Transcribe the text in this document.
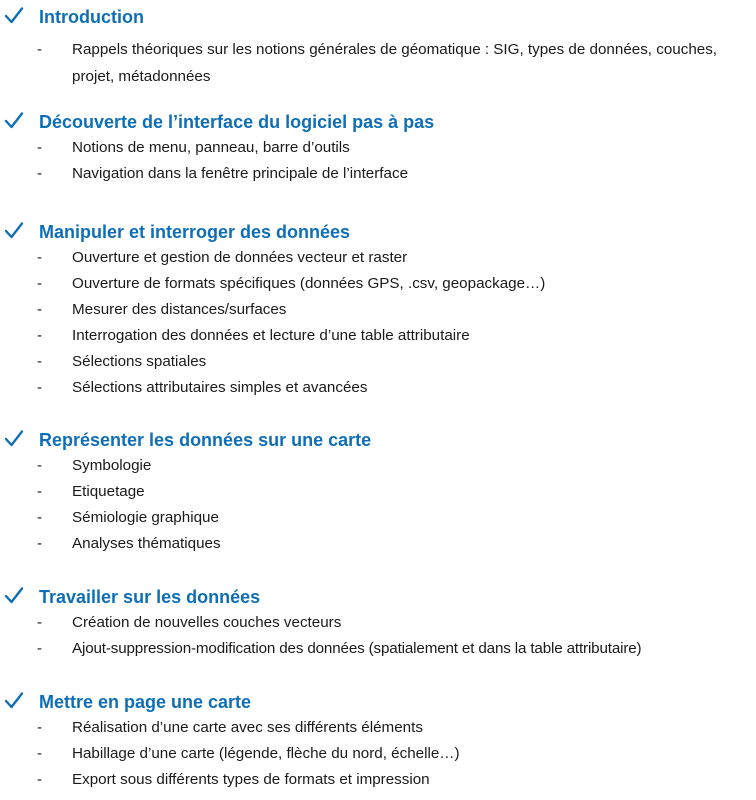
Introduction
- Rappels théoriques sur les notions générales de géomatique : SIG, types de données, couches, projet, métadonnées
Découverte de l’interface du logiciel pas à pas
- Notions de menu, panneau, barre d’outils
- Navigation dans la fenêtre principale de l’interface
Manipuler et interroger des données
- Ouverture et gestion de données vecteur et raster
- Ouverture de formats spécifiques (données GPS, .csv, geopackage…)
- Mesurer des distances/surfaces
- Interrogation des données et lecture d’une table attributaire
- Sélections spatiales
- Sélections attributaires simples et avancées
Représenter les données sur une carte
- Symbologie
- Etiquetage
- Sémiologie graphique
- Analyses thématiques
Travailler sur les données
- Création de nouvelles couches vecteurs
- Ajout-suppression-modification des données (spatialement et dans la table attributaire)
Mettre en page une carte
- Réalisation d’une carte avec ses différents éléments
- Habillage d’une carte (légende, flèche du nord, échelle…)
- Export sous différents types de formats et impression
